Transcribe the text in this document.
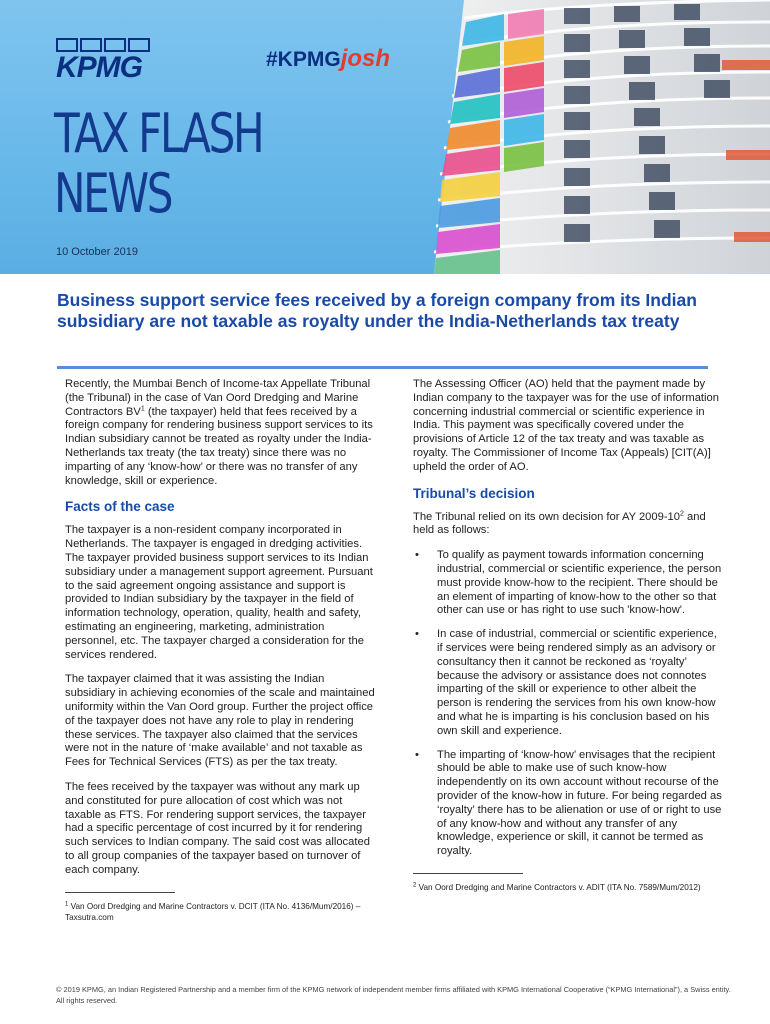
KPMG	#KPMGjosh
TAX FLASH
NEWS
10 October 2019
Business support service fees received by a foreign company from its Indian subsidiary are not taxable as royalty under the India-Netherlands tax treaty

Recently, the Mumbai Bench of Income-tax Appellate Tribunal (the Tribunal) in the case of Van Oord Dredging and Marine Contractors $BV^1$ (the taxpayer) held that fees received by a foreign company for rendering business support services to its Indian subsidiary cannot be treated as royalty under the India-Netherlands tax treaty (the tax treaty) since there was no imparting of any ‘know-how’ or there was no transfer of any knowledge, skill or experience.

Facts of the case

The taxpayer is a non-resident company incorporated in Netherlands. The taxpayer is engaged in dredging activities. The taxpayer provided business support services to its Indian subsidiary under a management support agreement. Pursuant to the said agreement ongoing assistance and support is provided to Indian subsidiary by the taxpayer in the field of information technology, operation, quality, health and safety, estimating an engineering, marketing, administration personnel, etc. The taxpayer charged a consideration for the services rendered.

The taxpayer claimed that it was assisting the Indian subsidiary in achieving economies of the scale and maintained uniformity within the Van Oord group. Further the project office of the taxpayer does not have any role to play in rendering these services. The taxpayer also claimed that the services were not in the nature of ‘make available’ and not taxable as Fees for Technical Services (FTS) as per the tax treaty.

The fees received by the taxpayer was without any mark up and constituted for pure allocation of cost which was not taxable as FTS. For rendering support services, the taxpayer had a specific percentage of cost incurred by it for rendering such services to Indian company. The said cost was allocated to all group companies of the taxpayer based on turnover of each company.

$^1$ Van Oord Dredging and Marine Contractors v. DCIT (ITA No. 4136/Mum/2016) – Taxsutra.com

The Assessing Officer (AO) held that the payment made by Indian company to the taxpayer was for the use of information concerning industrial commercial or scientific experience in India. This payment was specifically covered under the provisions of Article 12 of the tax treaty and was taxable as royalty. The Commissioner of Income Tax (Appeals) [CIT(A)] upheld the order of AO.

Tribunal’s decision

The Tribunal relied on its own decision for AY $2009-10^2$ and held as follows:

• To qualify as payment towards information concerning industrial, commercial or scientific experience, the person must provide know-how to the recipient. There should be an element of imparting of know-how to the other so that other can use or has right to use such 'know-how'.
• In case of industrial, commercial or scientific experience, if services were being rendered simply as an advisory or consultancy then it cannot be reckoned as ‘royalty’ because the advisory or assistance does not connotes imparting of the skill or experience to other albeit the person is rendering the services from his own know-how and what he is imparting is his conclusion based on his own skill and experience.
• The imparting of ‘know-how’ envisages that the recipient should be able to make use of such know-how independently on its own account without recourse of the provider of the know-how in future. For being regarded as ‘royalty’ there has to be alienation or use of or right to use of any know-how and without any transfer of any knowledge, experience or skill, it cannot be termed as royalty.
$^2$ Van Oord Dredging and Marine Contractors v. ADIT (ITA No. 7589/Mum/2012)
© 2019 KPMG, an Indian Registered Partnership and a member firm of the KPMG network of independent member firms affiliated with KPMG International Cooperative (“KPMG International”), a Swiss entity. All rights reserved.
